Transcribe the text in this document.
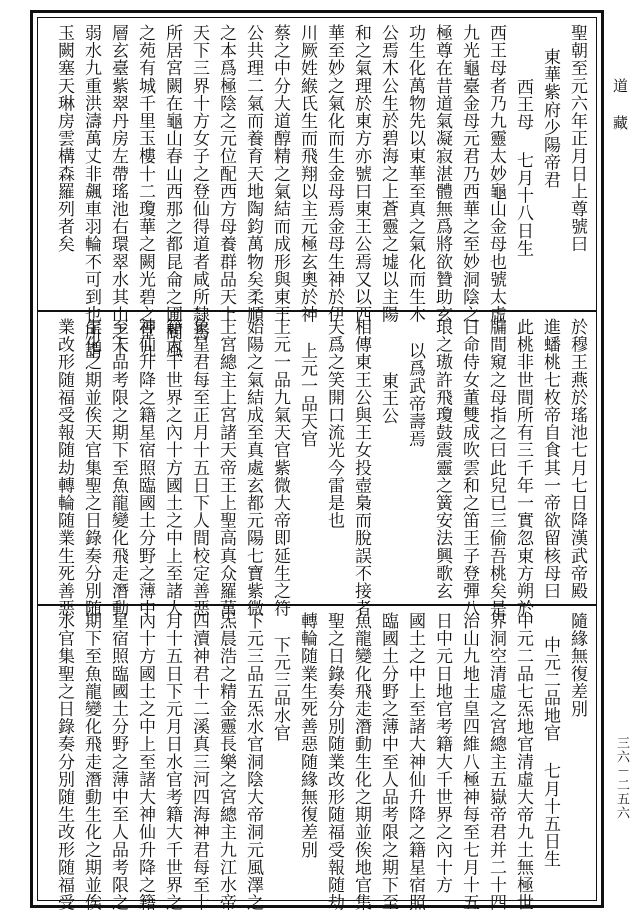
聖朝至元六年正月日上尊號曰
東華紫府少陽帝君
西王母 七月十八日生
西王母者乃九靈太妙龜山金母也號太虛
九光龜臺金母元君乃西華之至妙洞陰之
極尊在昔道氣凝寂湛體無爲將欲贊助玄
功生化萬物先以東華至真之氣化而生木
公焉木公生於碧海之上蒼靈之墟以主陽
和之氣理於東方亦號曰東王公焉又以西
華至妙之氣化而生金母焉金母生神於伊
川厥姓緱氏生而飛翔以主元極玄奧於神
蔡之中分大道醇精之氣結而成形與東王
公共理二氣而養育天地陶鈞萬物矣柔順
之本爲極陰之元位配西方母養群品天上
天下三界十方女子之登仙得道者咸所隸焉
所居宮闕在龜山春山西那之都昆侖之圃閬風
之苑有城千里玉樓十二瓊華之闕光碧之堂九
層玄臺紫翠丹房左帶瑤池右環翠水其山之下
弱水九重洪濤萬丈非飆車羽輪不可到也所謂
玉闕塞天琳房雲構森羅列者矣
於穆王燕於瑤池七月七日降漢武帝殿
進蟠桃七枚帝自食其一帝欲留核母曰
此桃非世間所有三千年一實忽東方朔於
牖間窺之母指之曰此兒已三偷吾桃矣是
日命侍女董雙成吹雲和之笛王子登彈八
琅之璈許飛瓊鼓震靈之簧安法興歌玄
以爲武帝壽焉
東王公
相傳東王公與王女投壺梟而脫誤不接者
天爲之笑開口流光今雷是也
上元一品天官
上元一品九氣天官紫微大帝即延生之符
始陽之氣結成至真處玄都元陽七寶紫微
上宮總主上宮諸天帝王上聖高真众羅萬
象星君每至正月十五日下人間校定善惡
籍大千世界之內十方國土之中上至諸大
神仙升降之籍星宿照臨國土分野之薄中
至人品考限之期下至魚龍變化飛走潛動
生化之期並俟天官集聖之日錄奏分別随
業改形随福受報随劫轉輪随業生死善惡
隨緣無復差別
中元二品地官 七月十五日生
中元二品七炁地官清虛大帝九土無極世
界洞空清虛之宮總主五嶽帝君并二十四
治山九地土皇四維八極神每至七月十五
日中元日地官考籍大千世界之內十方
國土之中上至諸大神仙升降之籍星宿照
臨國土分野之薄中至人品考限之期下至
魚龍變化飛走潛動生化之期並俟地官集
聖之日錄奏分別随業改形随福受報随劫
轉輪随業生死善惡随緣無復差別
下元三品水官
下元三品五炁水官洞陰大帝洞元風澤之
炁晨浩之精金靈長樂之宮總主九江水帝
四瀆神君十二溪真三河四海神君每至十
月十五日下元月日水官考籍大千世界之
內十方國土之中上至諸大神仙升降之籍
星宿照臨國土分野之薄中至人品考限之
期下至魚龍變化飛走潛動生化之期並俟
水官集聖之日錄奏分別随生改形随福受
道
藏
三六－二五六
